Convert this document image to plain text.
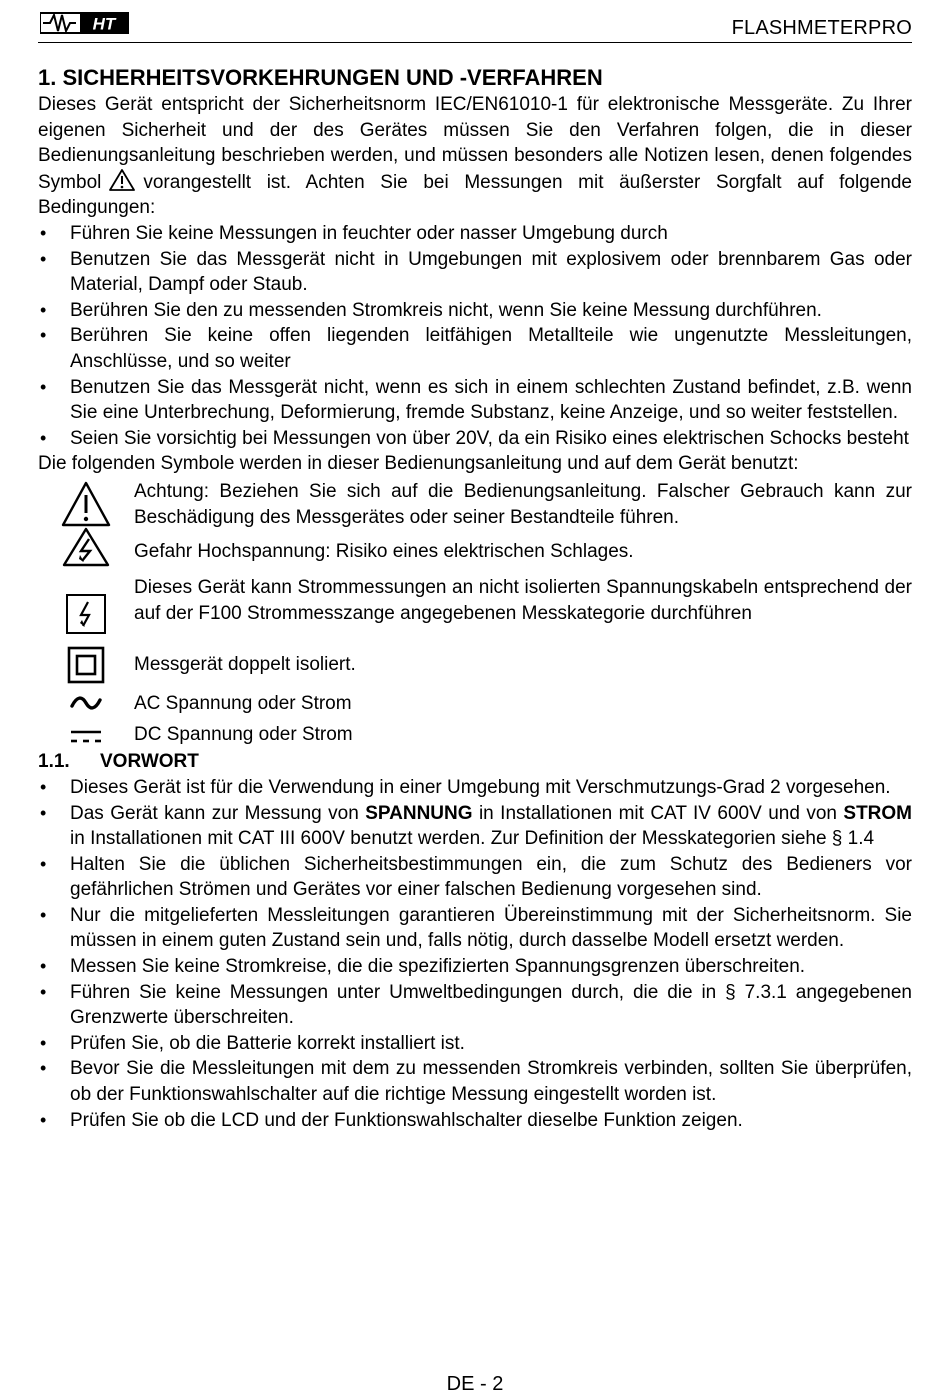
HT	FLASHMETERPRO
1. SICHERHEITSVORKEHRUNGEN UND -VERFAHREN

Dieses Gerät entspricht der Sicherheitsnorm IEC/EN61010-1 für elektronische Messgeräte. Zu Ihrer eigenen Sicherheit und der des Gerätes müssen Sie den Verfahren folgen, die in dieser Bedienungsanleitung beschrieben werden, und müssen besonders alle Notizen lesen, denen folgendes Symbol vorangestellt ist. Achten Sie bei Messungen mit äußerster Sorgfalt auf folgende Bedingungen:

• Führen Sie keine Messungen in feuchter oder nasser Umgebung durch
• Benutzen Sie das Messgerät nicht in Umgebungen mit explosivem oder brennbarem Gas oder Material, Dampf oder Staub.
• Berühren Sie den zu messenden Stromkreis nicht, wenn Sie keine Messung durchführen.
• Berühren Sie keine offen liegenden leitfähigen Metallteile wie ungenutzte Messleitungen, Anschlüsse, und so weiter
• Benutzen Sie das Messgerät nicht, wenn es sich in einem schlechten Zustand befindet, z.B. wenn Sie eine Unterbrechung, Deformierung, fremde Substanz, keine Anzeige, und so weiter feststellen.
• Seien Sie vorsichtig bei Messungen von über 20V, da ein Risiko eines elektrischen Schocks besteht

Die folgenden Symbole werden in dieser Bedienungsanleitung und auf dem Gerät benutzt:

Achtung: Beziehen Sie sich auf die Bedienungsanleitung. Falscher Gebrauch kann zur Beschädigung des Messgerätes oder seiner Bestandteile führen.
Gefahr Hochspannung: Risiko eines elektrischen Schlages.
Dieses Gerät kann Strommessungen an nicht isolierten Spannungskabeln entsprechend der auf der F100 Strommesszange angegebenen Messkategorie durchführen
Messgerät doppelt isoliert.
AC Spannung oder Strom
DC Spannung oder Strom
1.1. VORWORT
• Dieses Gerät ist für die Verwendung in einer Umgebung mit Verschmutzungs-Grad 2 vorgesehen.
• Das Gerät kann zur Messung von SPANNUNG in Installationen mit CAT IV 600V und von STROM in Installationen mit CAT III 600V benutzt werden. Zur Definition der Messkategorien siehe § 1.4
• Halten Sie die üblichen Sicherheitsbestimmungen ein, die zum Schutz des Bedieners vor gefährlichen Strömen und Gerätes vor einer falschen Bedienung vorgesehen sind.
• Nur die mitgelieferten Messleitungen garantieren Übereinstimmung mit der Sicherheitsnorm. Sie müssen in einem guten Zustand sein und, falls nötig, durch dasselbe Modell ersetzt werden.
• Messen Sie keine Stromkreise, die die spezifizierten Spannungsgrenzen überschreiten.
• Führen Sie keine Messungen unter Umweltbedingungen durch, die die in § 7.3.1 angegebenen Grenzwerte überschreiten.
• Prüfen Sie, ob die Batterie korrekt installiert ist.
• Bevor Sie die Messleitungen mit dem zu messenden Stromkreis verbinden, sollten Sie überprüfen, ob der Funktionswahlschalter auf die richtige Messung eingestellt worden ist.
• Prüfen Sie ob die LCD und der Funktionswahlschalter dieselbe Funktion zeigen.
DE - 2
